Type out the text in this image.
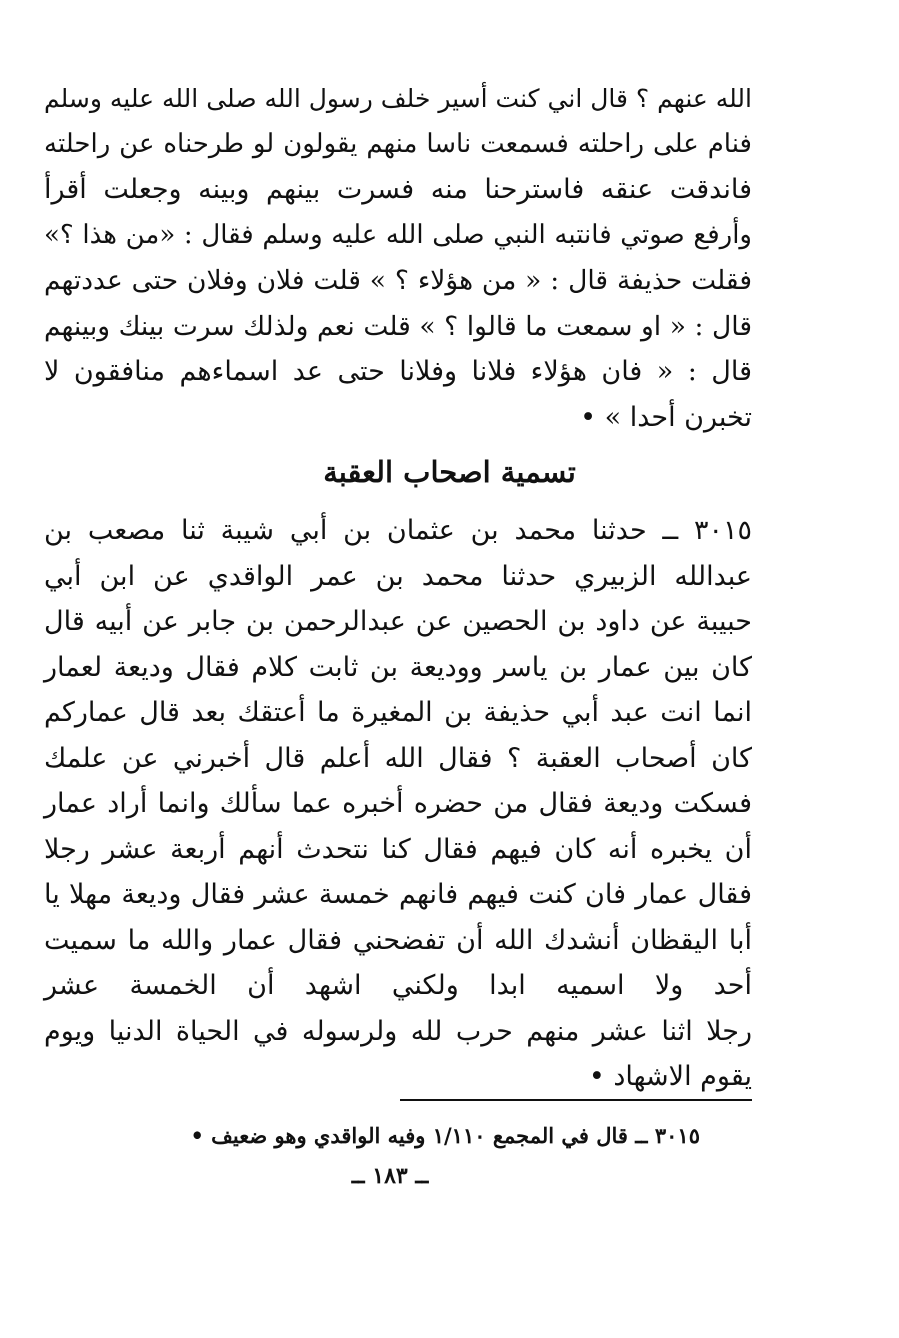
الله عنهم ؟ قال اني كنت أسير خلف رسول الله صلى الله عليه وسلم
فنام على راحلته فسمعت ناسا منهم يقولون لو طرحناه عن راحلته
فاندقت عنقه فاسترحنا منه فسرت بينهم وبينه وجعلت أقرأ
وأرفع صوتي فانتبه النبي صلى الله عليه وسلم فقال : «من هذا ؟»
فقلت حذيفة قال : « من هؤلاء ؟ » قلت فلان وفلان حتى عددتهم
قال : « او سمعت ما قالوا ؟ » قلت نعم ولذلك سرت بينك وبينهم
قال : « فان هؤلاء فلانا وفلانا حتى عد اسماءهم منافقون لا
تخبرن أحدا » •
تسمية اصحاب العقبة
٣٠١٥ ــ حدثنا محمد بن عثمان بن أبي شيبة ثنا مصعب بن
عبدالله الزبيري حدثنا محمد بن عمر الواقدي عن ابن أبي
حبيبة عن داود بن الحصين عن عبدالرحمن بن جابر عن أبيه قال
كان بين عمار بن ياسر ووديعة بن ثابت كلام فقال وديعة لعمار
انما انت عبد أبي حذيفة بن المغيرة ما أعتقك بعد قال عماركم
كان أصحاب العقبة ؟ فقال الله أعلم قال أخبرني عن علمك
فسكت وديعة فقال من حضره أخبره عما سألك وانما أراد عمار
أن يخبره أنه كان فيهم فقال كنا نتحدث أنهم أربعة عشر رجلا
فقال عمار فان كنت فيهم فانهم خمسة عشر فقال وديعة مهلا يا
أبا اليقظان أنشدك الله أن تفضحني فقال عمار والله ما سميت
أحد ولا اسميه ابدا ولكني اشهد أن الخمسة عشر
رجلا اثنا عشر منهم حرب لله ولرسوله في الحياة الدنيا ويوم
يقوم الاشهاد •
٣٠١٥ ــ قال في المجمع ١/١١٠ وفيه الواقدي وهو ضعيف •
ــ ١٨٣ ــ
